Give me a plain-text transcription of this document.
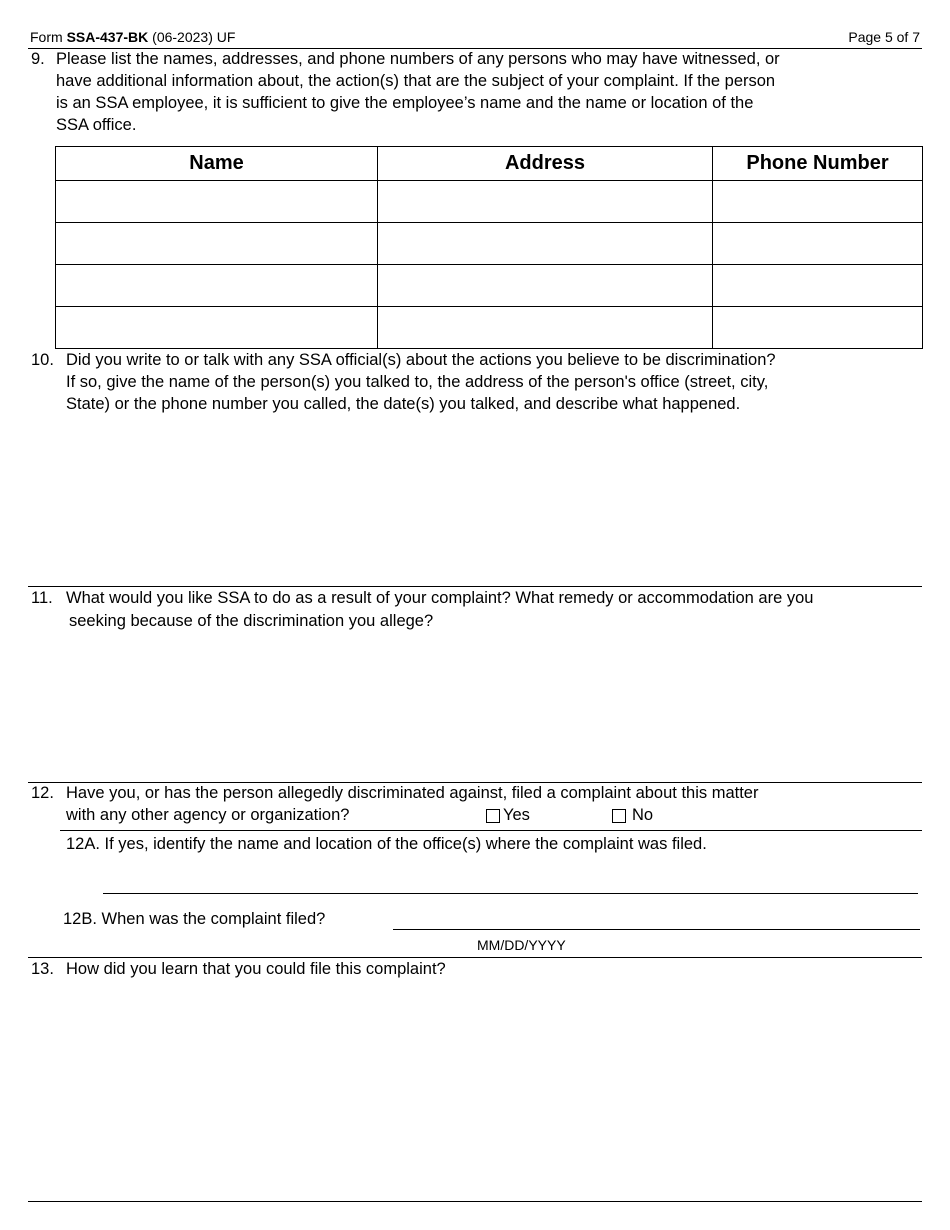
Form SSA-437-BK (06-2023) UF	Page 5 of 7
9. Please list the names, addresses, and phone numbers of any persons who may have witnessed, or
have additional information about, the action(s) that are the subject of your complaint. If the person
is an SSA employee, it is sufficient to give the employee’s name and the name or location of the
SSA office.
Name	Address	Phone Number

10. Did you write to or talk with any SSA official(s) about the actions you believe to be discrimination?
If so, give the name of the person(s) you talked to, the address of the person's office (street, city,
State) or the phone number you called, the date(s) you talked, and describe what happened.
11. What would you like SSA to do as a result of your complaint? What remedy or accommodation are you
seeking because of the discrimination you allege?
12. Have you, or has the person allegedly discriminated against, filed a complaint about this matter
with any other agency or organization?	Yes	No
12A. If yes, identify the name and location of the office(s) where the complaint was filed.
12B. When was the complaint filed?
MM/DD/YYYY
13. How did you learn that you could file this complaint?
